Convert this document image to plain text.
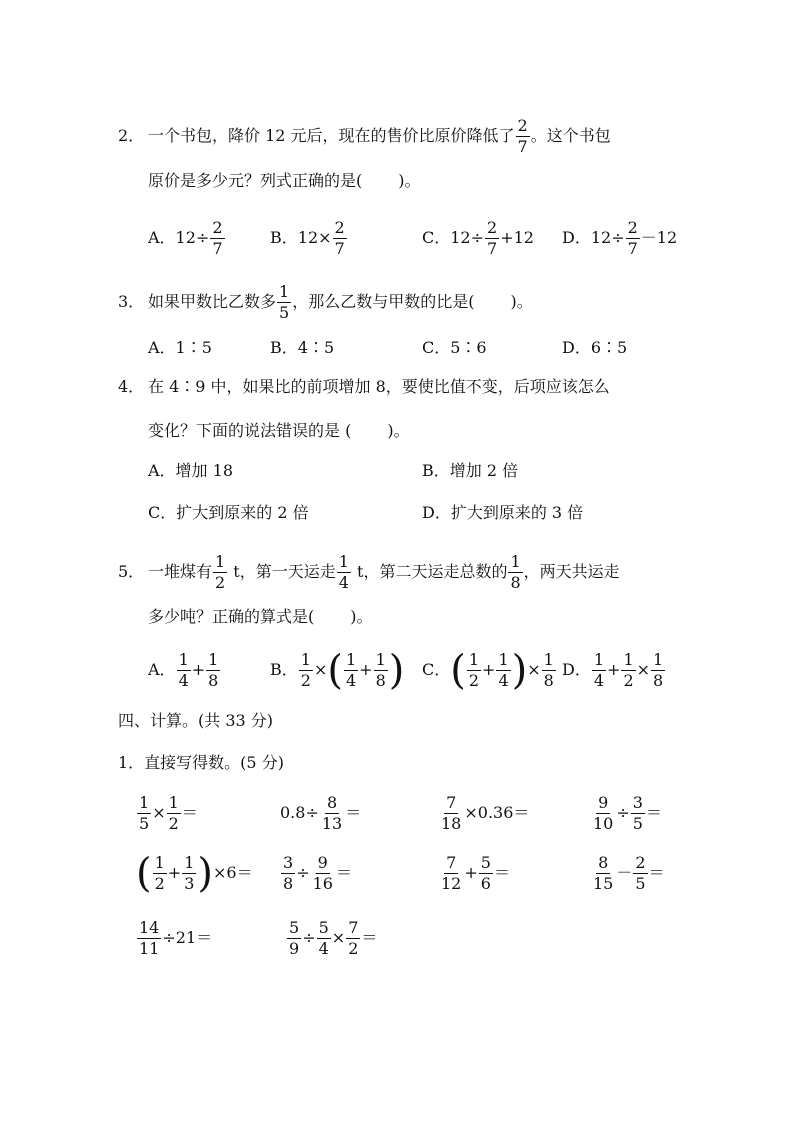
2． 一个书包，降价 12 元后，现在的售价比原价降低了 $\frac{2}{7}$ 。这个书包
原价是多少元？列式正确的是( )。
A．$12\div \frac{2}{7}$	B．$12\times \frac{2}{7}$	C．$12\div \frac{2}{7} +12$ D．$12\div \frac{2}{7} -12$
3． 如果甲数比乙数多 $\frac{1}{5}$ ，那么乙数与甲数的比是( )。
A．1∶5	B．4∶5	C．5∶6	D．6∶5
4． 在 4∶9 中，如果比的前项增加 8，要使比值不变，后项应该怎么
变化？下面的说法错误的是 ( )。
A．增加 18	B．增加 2 倍
C．扩大到原来的 2 倍	D．扩大到原来的 3 倍
5． 一堆煤有 $\frac{1}{2}$ t，第一天运走 $\frac{1}{4}$ t，第二天运走总数的 $\frac{1}{8}$ ，两天共运走
多少吨？正确的算式是( )。
A． $\frac{1}{4} + \frac{1}{8}$	B． $\frac{1}{2}$ ×( $\frac{1}{4} + \frac{1}{8}$ ) C．( $\frac{1}{2} + \frac{1}{4}$ )× $\frac{1}{8}$ D． $\frac{1}{4} + \frac{1}{2} \times \frac{1}{8}$
四、计算。(共 33 分)
1．直接写得数。(5 分)
$\frac{1}{5} \times \frac{1}{2}$ ＝	$0.8\div \frac{8}{13}$ ＝	$\frac{7}{18} \times 0.36=$	$\frac{9}{10} \div \frac{3}{5}$ ＝
( $\frac{1}{2} + \frac{1}{3} )\times 6= \frac{3}{8} \div \frac{9}{16}$ ＝	$\frac{7}{12} + \frac{5}{6}$ ＝	$\frac{8}{15} - \frac{2}{5}$ ＝
$\frac{14}{11} \div 21=$	$\frac{5}{9} \div \frac{5}{4} \times \frac{7}{2}$ ＝
